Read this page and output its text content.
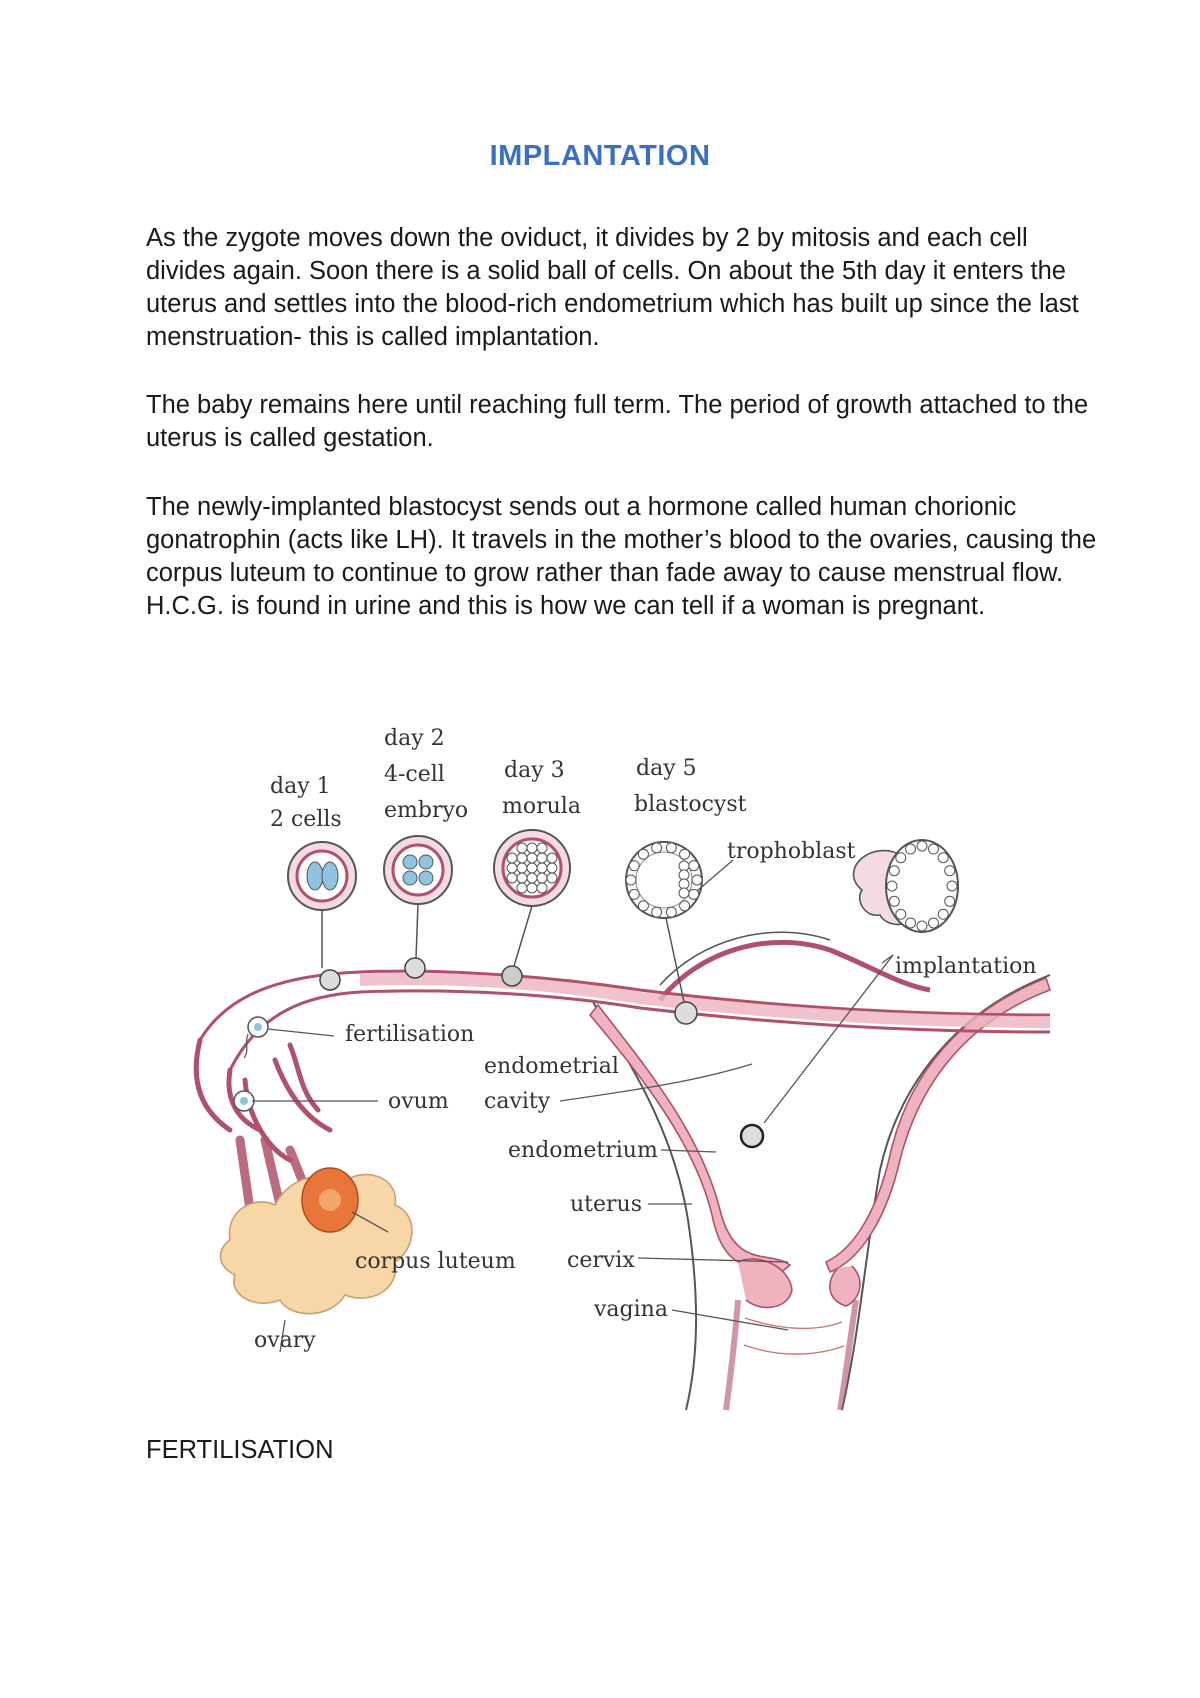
IMPLANTATION

As the zygote moves down the oviduct, it divides by 2 by mitosis and each cell divides again. Soon there is a solid ball of cells. On about the 5th day it enters the uterus and settles into the blood-rich endometrium which has built up since the last menstruation- this is called implantation.

The baby remains here until reaching full term. The period of growth attached to the uterus is called gestation.

The newly-implanted blastocyst sends out a hormone called human chorionic gonatrophin (acts like LH). It travels in the mother’s blood to the ovaries, causing the corpus luteum to continue to grow rather than fade away to cause menstrual flow. H.C.G. is found in urine and this is how we can tell if a woman is pregnant.

day 1
2 cells
day 2
4-cell
embryo
day 3
morula
day 5
blastocyst
trophoblast
implantation
fertilisation
endometrial
cavity
ovum
endometrium
uterus
corpus luteum cervix
vagina
ovary
FERTILISATION
